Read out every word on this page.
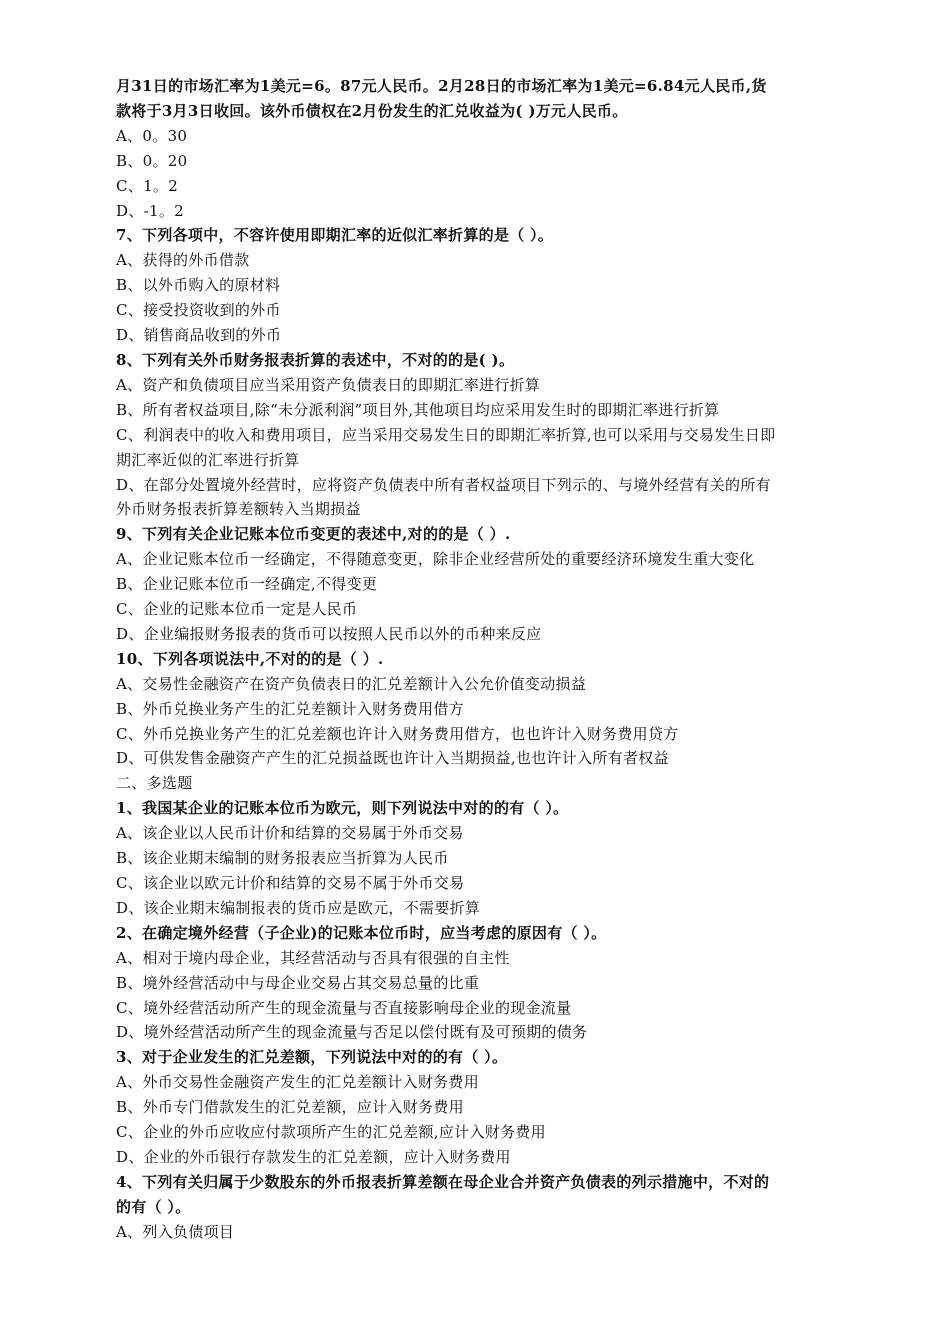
月31日的市场汇率为1美元=6。87元人民币。2月28日的市场汇率为1美元=6.84元人民币,货
款将于3月3日收回。该外币债权在2月份发生的汇兑收益为( )万元人民币。
A、0。30
B、0。20
C、1。2
D、-1。2
7、下列各项中，不容许使用即期汇率的近似汇率折算的是（ ）。
A、获得的外币借款
B、以外币购入的原材料
C、接受投资收到的外币
D、销售商品收到的外币
8、下列有关外币财务报表折算的表述中，不对的的是( )。
A、资产和负债项目应当采用资产负债表日的即期汇率进行折算
B、所有者权益项目,除“未分派利润”项目外,其他项目均应采用发生时的即期汇率进行折算
C、利润表中的收入和费用项目，应当采用交易发生日的即期汇率折算,也可以采用与交易发生日即
期汇率近似的汇率进行折算
D、在部分处置境外经营时，应将资产负债表中所有者权益项目下列示的、与境外经营有关的所有
外币财务报表折算差额转入当期损益
9、下列有关企业记账本位币变更的表述中,对的的是（ ）.
A、企业记账本位币一经确定，不得随意变更，除非企业经营所处的重要经济环境发生重大变化
B、企业记账本位币一经确定,不得变更
C、企业的记账本位币一定是人民币
D、企业编报财务报表的货币可以按照人民币以外的币种来反应
10、下列各项说法中,不对的的是（ ）.
A、交易性金融资产在资产负债表日的汇兑差额计入公允价值变动损益
B、外币兑换业务产生的汇兑差额计入财务费用借方
C、外币兑换业务产生的汇兑差额也许计入财务费用借方，也也许计入财务费用贷方
D、可供发售金融资产产生的汇兑损益既也许计入当期损益,也也许计入所有者权益
二、多选题
1、我国某企业的记账本位币为欧元，则下列说法中对的的有（ ）。
A、该企业以人民币计价和结算的交易属于外币交易
B、该企业期末编制的财务报表应当折算为人民币
C、该企业以欧元计价和结算的交易不属于外币交易
D、该企业期末编制报表的货币应是欧元，不需要折算
2、在确定境外经营（子企业)的记账本位币时，应当考虑的原因有（ ）。
A、相对于境内母企业，其经营活动与否具有很强的自主性
B、境外经营活动中与母企业交易占其交易总量的比重
C、境外经营活动所产生的现金流量与否直接影响母企业的现金流量
D、境外经营活动所产生的现金流量与否足以偿付既有及可预期的债务
3、对于企业发生的汇兑差额，下列说法中对的的有（ ）。
A、外币交易性金融资产发生的汇兑差额计入财务费用
B、外币专门借款发生的汇兑差额，应计入财务费用
C、企业的外币应收应付款项所产生的汇兑差额,应计入财务费用
D、企业的外币银行存款发生的汇兑差额，应计入财务费用
4、下列有关归属于少数股东的外币报表折算差额在母企业合并资产负债表的列示措施中，不对的
的有（ ）。
A、列入负债项目
